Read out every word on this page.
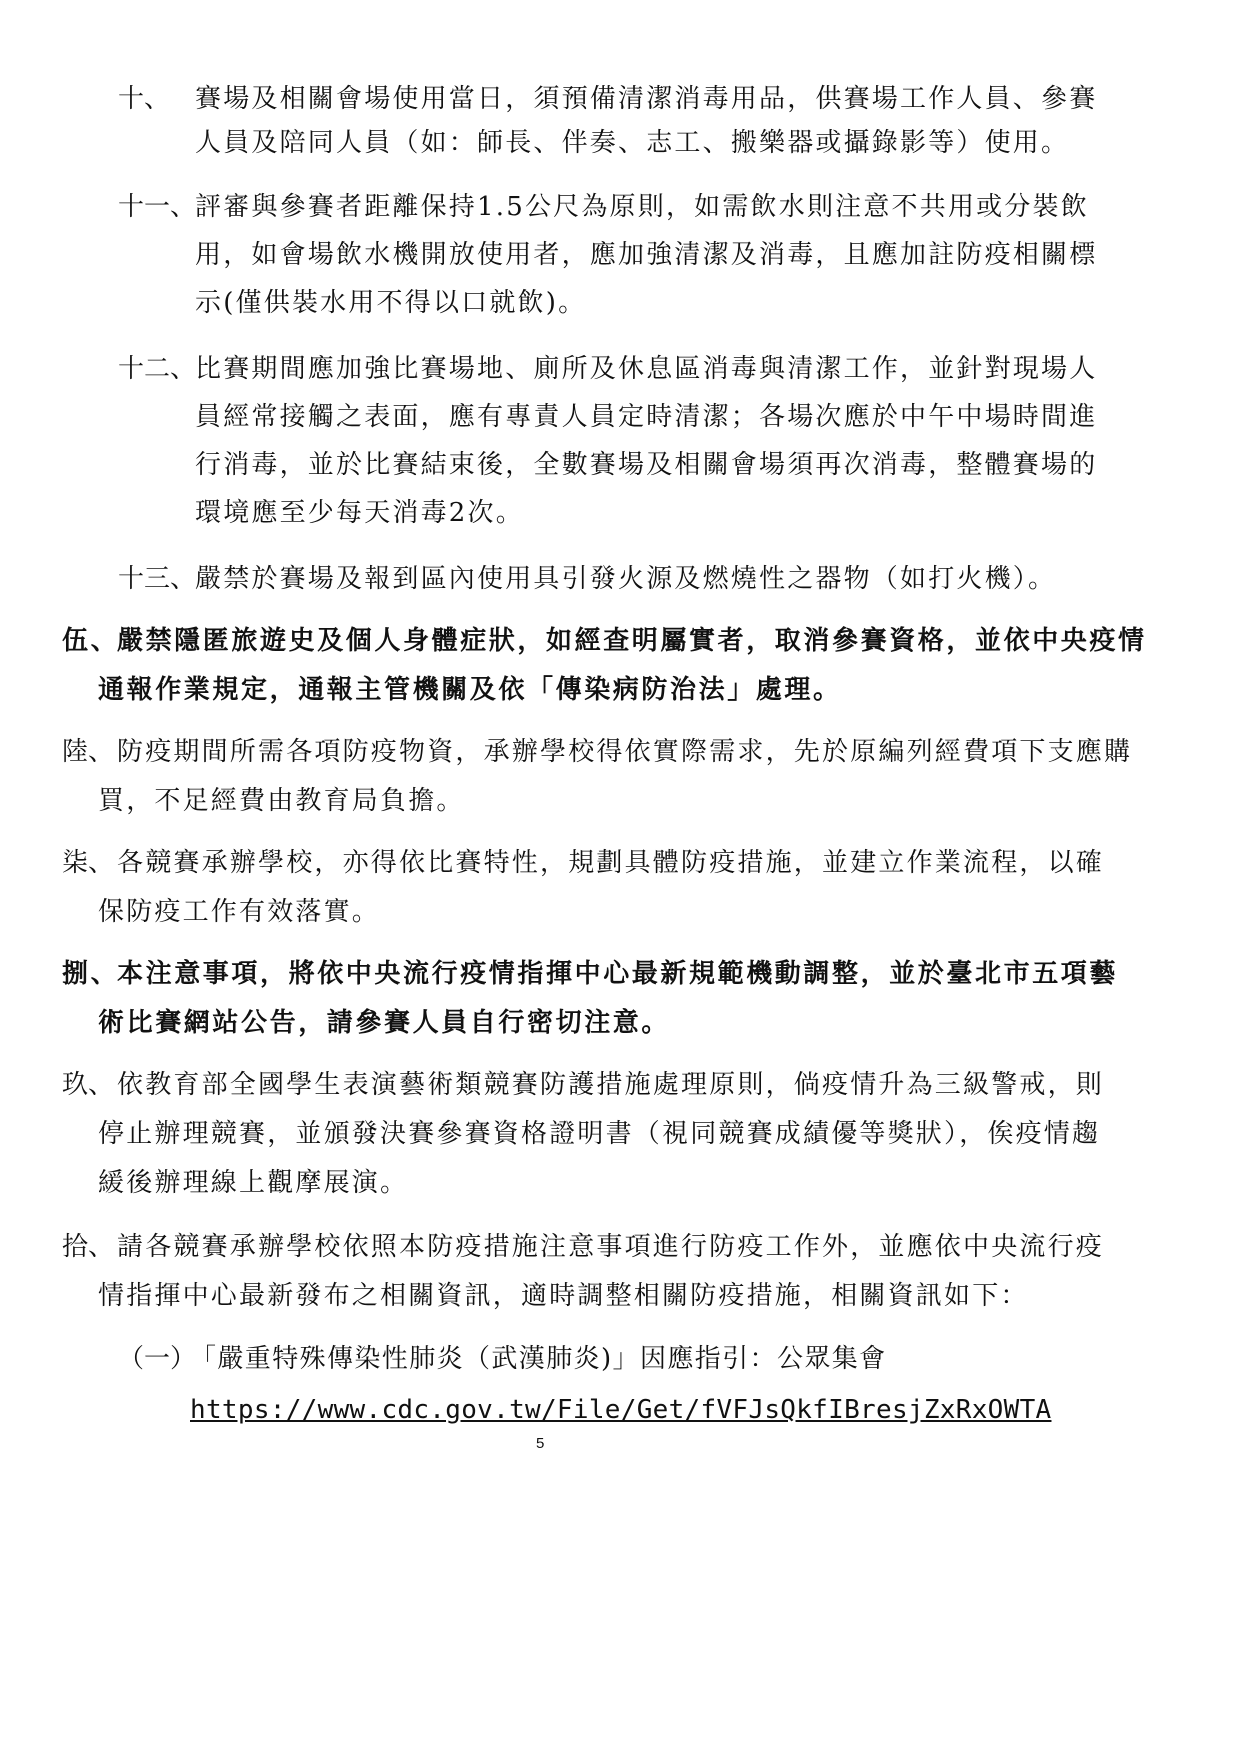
十、 賽場及相關會場使用當日，須預備清潔消毒用品，供賽場工作人員、參賽
人員及陪同人員（如：師長、伴奏、志工、搬樂器或攝錄影等）使用。
十一、
評審與參賽者距離保持1.5公尺為原則，如需飲水則注意不共用或分裝飲
用，如會場飲水機開放使用者，應加強清潔及消毒，且應加註防疫相關標
示(僅供裝水用不得以口就飲)。
十二、
比賽期間應加強比賽場地、廁所及休息區消毒與清潔工作，並針對現場人
員經常接觸之表面，應有專責人員定時清潔；各場次應於中午中場時間進
行消毒，並於比賽結束後，全數賽場及相關會場須再次消毒，整體賽場的
環境應至少每天消毒2次。
十三、
嚴禁於賽場及報到區內使用具引發火源及燃燒性之器物（如打火機）。
伍、
嚴禁隱匿旅遊史及個人身體症狀，如經查明屬實者，取消參賽資格，並依中央疫情
通報作業規定，通報主管機關及依「傳染病防治法」處理。
陸、 防疫期間所需各項防疫物資，承辦學校得依實際需求，先於原編列經費項下支應購
買，不足經費由教育局負擔。
柒、 各競賽承辦學校，亦得依比賽特性，規劃具體防疫措施，並建立作業流程，以確
保防疫工作有效落實。
捌、
本注意事項，將依中央流行疫情指揮中心最新規範機動調整，並於臺北市五項藝
術比賽網站公告，請參賽人員自行密切注意。
玖、 依教育部全國學生表演藝術類競賽防護措施處理原則，倘疫情升為三級警戒，則
停止辦理競賽，並頒發決賽參賽資格證明書（視同競賽成績優等獎狀），俟疫情趨
緩後辦理線上觀摩展演。
拾、 請各競賽承辦學校依照本防疫措施注意事項進行防疫工作外，並應依中央流行疫
情指揮中心最新發布之相關資訊，適時調整相關防疫措施，相關資訊如下：
（一）
「嚴重特殊傳染性肺炎（武漢肺炎)」因應指引：公眾集會
https://www.cdc.gov.tw/File/Get/fVFJsQkfIBresjZxRxOWTA
5
